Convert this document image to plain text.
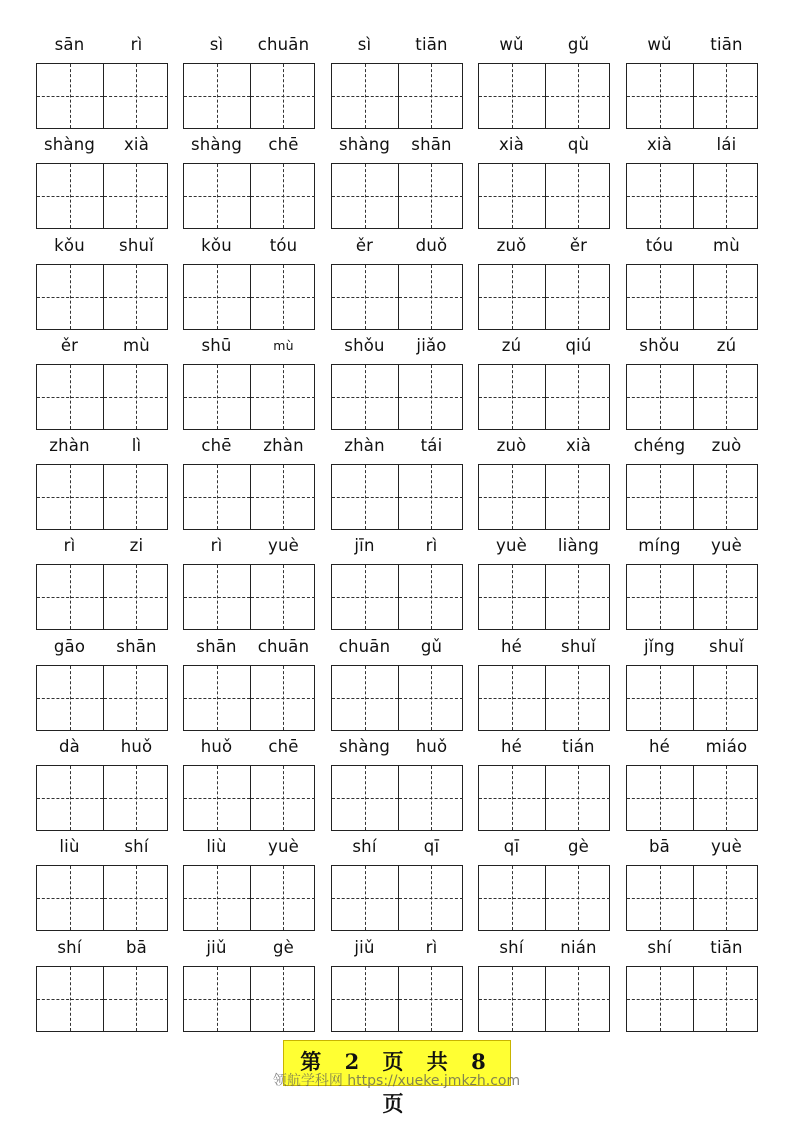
sān	rì	sì	chuān	sì	tiān	wǔ	gǔ	wǔ	tiān
shàng	xià	shàng	chē	shàng	shān	xià	qù	xià	lái
kǒu	shuǐ	kǒu	tóu	ěr	duǒ	zuǒ	ěr	tóu	mù
ěr	mù	shū	mù	shǒu	jiǎo	zú	qiú	shǒu	zú
zhàn	lì	chē	zhàn	zhàn	tái	zuò	xià	chéng	zuò
rì	zi	rì	yuè	jīn	rì	yuè	liàng	míng	yuè
gāo	shān	shān	chuān	chuān	gǔ	hé	shuǐ	jǐng	shuǐ
dà	huǒ	huǒ	chē	shàng	huǒ	hé	tián	hé	miáo
liù	shí	liù	yuè	shí	qī	qī	gè	bā	yuè
shí	bā	jiǔ	gè	jiǔ	rì	shí	nián	shí	tiān
第 2 页 共 8 页
领航学科网 https://xueke.jmkzh.com
